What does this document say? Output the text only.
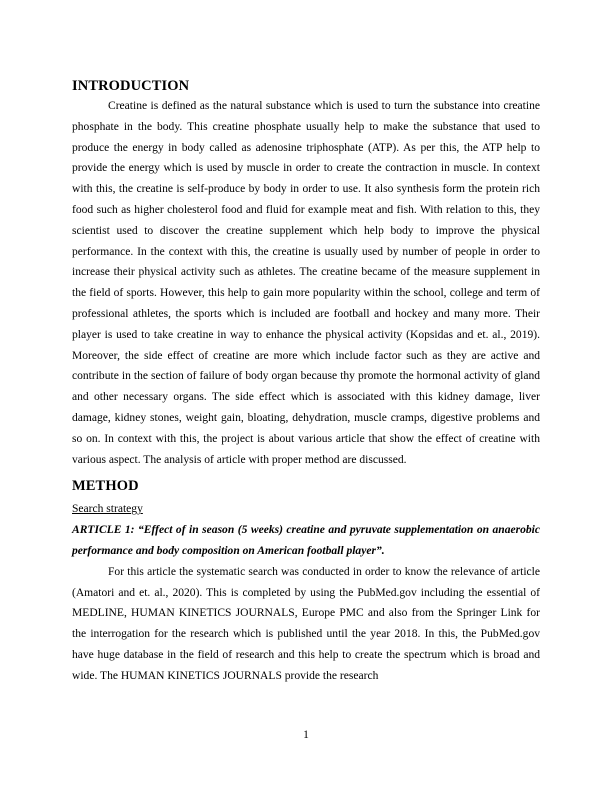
INTRODUCTION

Creatine is defined as the natural substance which is used to turn the substance into creatine phosphate in the body. This creatine phosphate usually help to make the substance that used to produce the energy in body called as adenosine triphosphate (ATP). As per this, the ATP help to provide the energy which is used by muscle in order to create the contraction in muscle. In context with this, the creatine is self-produce by body in order to use. It also synthesis form the protein rich food such as higher cholesterol food and fluid for example meat and fish. With relation to this, they scientist used to discover the creatine supplement which help body to improve the physical performance. In the context with this, the creatine is usually used by number of people in order to increase their physical activity such as athletes. The creatine became of the measure supplement in the field of sports. However, this help to gain more popularity within the school, college and term of professional athletes, the sports which is included are football and hockey and many more. Their player is used to take creatine in way to enhance the physical activity (Kopsidas and et. al., 2019). Moreover, the side effect of creatine are more which include factor such as they are active and contribute in the section of failure of body organ because thy promote the hormonal activity of gland and other necessary organs. The side effect which is associated with this kidney damage, liver damage, kidney stones, weight gain, bloating, dehydration, muscle cramps, digestive problems and so on. In context with this, the project is about various article that show the effect of creatine with various aspect. The analysis of article with proper method are discussed.

METHOD

Search strategy

ARTICLE 1: “Effect of in season (5 weeks) creatine and pyruvate supplementation on anaerobic performance and body composition on American football player”.

For this article the systematic search was conducted in order to know the relevance of article (Amatori and et. al., 2020). This is completed by using the PubMed.gov including the essential of MEDLINE, HUMAN KINETICS JOURNALS, Europe PMC and also from the Springer Link for the interrogation for the research which is published until the year 2018. In this, the PubMed.gov have huge database in the field of research and this help to create the spectrum which is broad and wide. The HUMAN KINETICS JOURNALS provide the research

1
